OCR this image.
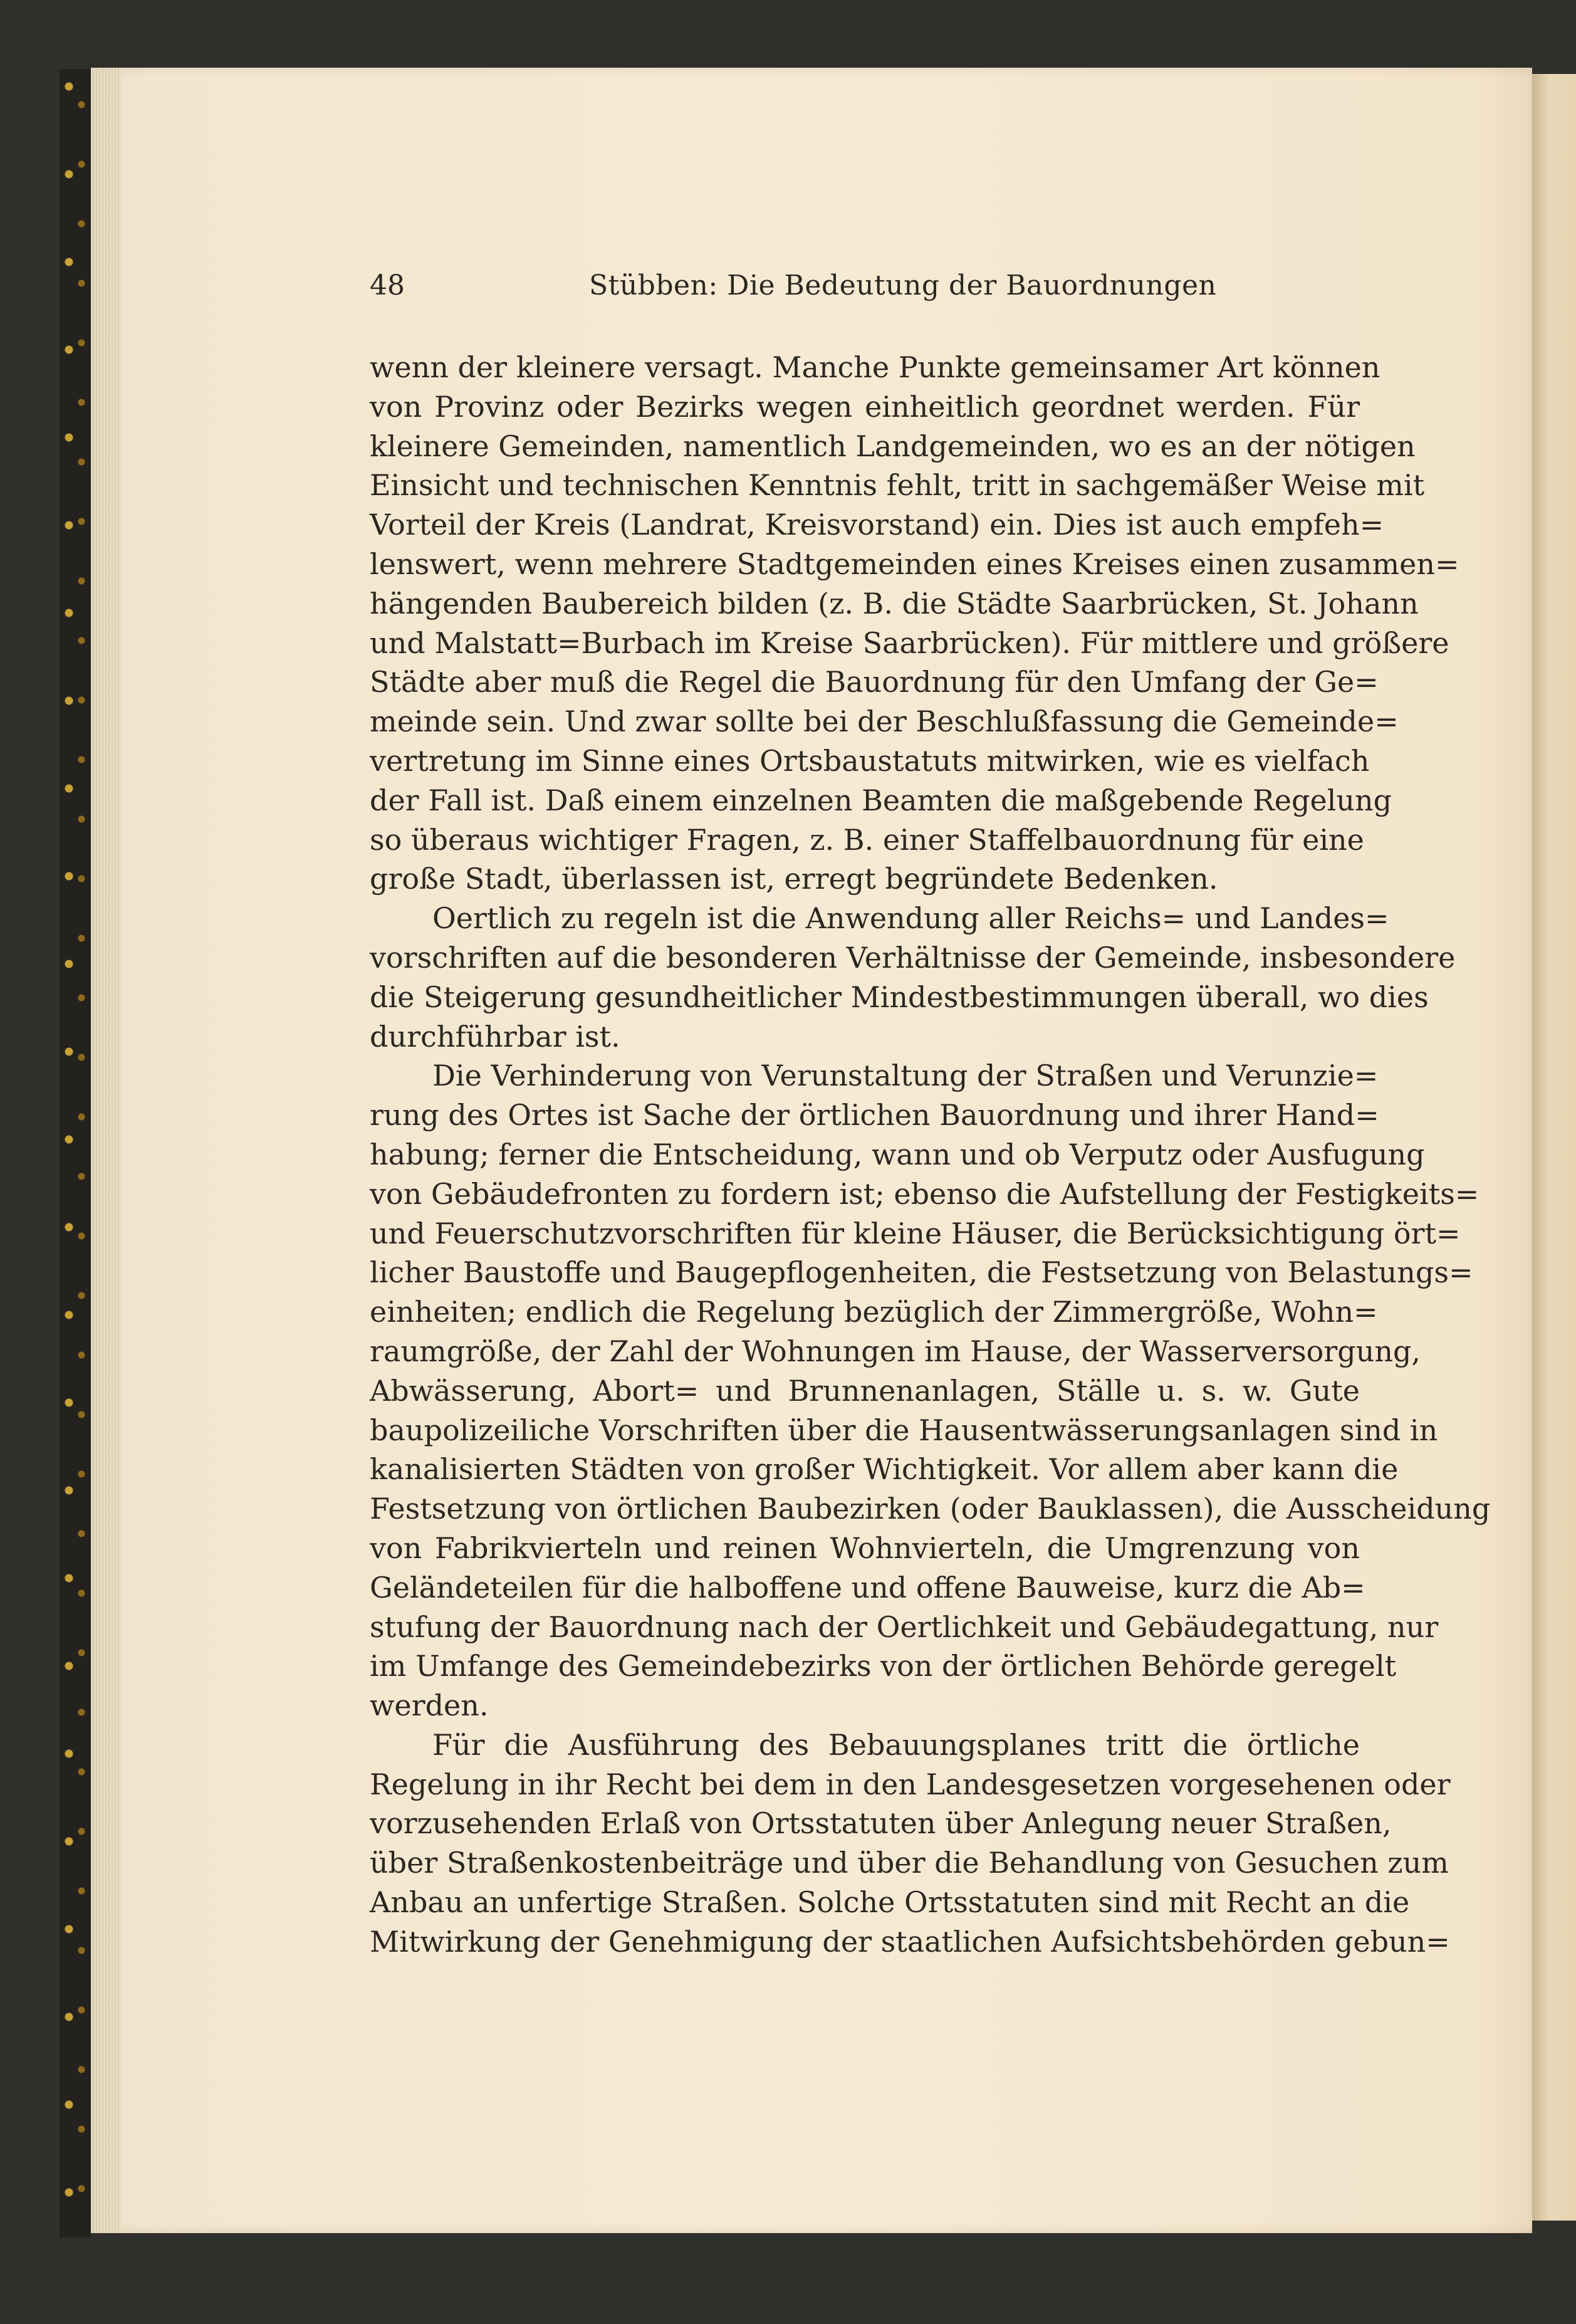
48	Stübben: Die Bedeutung der Bauordnungen
wenn der kleinere versagt. Manche Punkte gemeinsamer Art können
von Provinz oder Bezirks wegen einheitlich geordnet werden. Für
kleinere Gemeinden, namentlich Landgemeinden, wo es an der nötigen
Einsicht und technischen Kenntnis fehlt, tritt in sachgemäßer Weise mit
Vorteil der Kreis (Landrat, Kreisvorstand) ein. Dies ist auch empfeh=
lenswert, wenn mehrere Stadtgemeinden eines Kreises einen zusammen=
hängenden Baubereich bilden (z. B. die Städte Saarbrücken, St. Johann
und Malstatt=Burbach im Kreise Saarbrücken). Für mittlere und größere
Städte aber muß die Regel die Bauordnung für den Umfang der Ge=
meinde sein. Und zwar sollte bei der Beschlußfassung die Gemeinde=
vertretung im Sinne eines Ortsbaustatuts mitwirken, wie es vielfach
der Fall ist. Daß einem einzelnen Beamten die maßgebende Regelung
so überaus wichtiger Fragen, z. B. einer Staffelbauordnung für eine
große Stadt, überlassen ist, erregt begründete Bedenken.
Oertlich zu regeln ist die Anwendung aller Reichs= und Landes=
vorschriften auf die besonderen Verhältnisse der Gemeinde, insbesondere
die Steigerung gesundheitlicher Mindestbestimmungen überall, wo dies
durchführbar ist.
Die Verhinderung von Verunstaltung der Straßen und Verunzie=
rung des Ortes ist Sache der örtlichen Bauordnung und ihrer Hand=
habung; ferner die Entscheidung, wann und ob Verputz oder Ausfugung
von Gebäudefronten zu fordern ist; ebenso die Aufstellung der Festigkeits=
und Feuerschutzvorschriften für kleine Häuser, die Berücksichtigung ört=
licher Baustoffe und Baugepflogenheiten, die Festsetzung von Belastungs=
einheiten; endlich die Regelung bezüglich der Zimmergröße, Wohn=
raumgröße, der Zahl der Wohnungen im Hause, der Wasserversorgung,
Abwässerung, Abort= und Brunnenanlagen, Ställe u. s. w. Gute
baupolizeiliche Vorschriften über die Hausentwässerungsanlagen sind in
kanalisierten Städten von großer Wichtigkeit. Vor allem aber kann die
Festsetzung von örtlichen Baubezirken (oder Bauklassen), die Ausscheidung
von Fabrikvierteln und reinen Wohnvierteln, die Umgrenzung von
Geländeteilen für die halboffene und offene Bauweise, kurz die Ab=
stufung der Bauordnung nach der Oertlichkeit und Gebäudegattung, nur
im Umfange des Gemeindebezirks von der örtlichen Behörde geregelt
werden.
Für die Ausführung des Bebauungsplanes tritt die örtliche
Regelung in ihr Recht bei dem in den Landesgesetzen vorgesehenen oder
vorzusehenden Erlaß von Ortsstatuten über Anlegung neuer Straßen,
über Straßenkostenbeiträge und über die Behandlung von Gesuchen zum
Anbau an unfertige Straßen. Solche Ortsstatuten sind mit Recht an die
Mitwirkung der Genehmigung der staatlichen Aufsichtsbehörden gebun=
